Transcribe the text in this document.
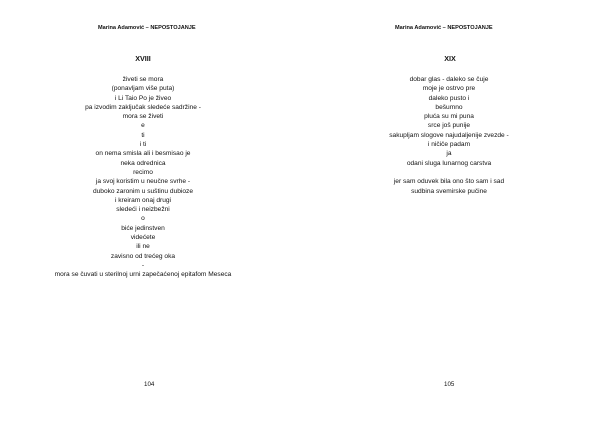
Marina Adamović – NEPOSTOJANJE
XVIII
živeti se mora
(ponavljam više puta)
i Li Taio Po je živeo
pa izvodim zaključak sledeće sadržine -
mora se živeti
e
ti
i ti
on nema smisla ali i besmisao je
neka odrednica
recimo
ja svoj koristim u neučne svrhe -
duboko zaronim u suštinu dubioze
i kreiram onaj drugi
sledeći i neizbežni
o
biće jedinstven
videćete
ili ne
zavisno od trećeg oka
-
mora se čuvati u sterilnoj urni zapečaćenoj epitafom Meseca
104
Marina Adamović – NEPOSTOJANJE
XIX
dobar glas - daleko se čuje
moje je ostrvo pre
daleko pusto i
bešumno
pluća su mi puna
srce još punije
sakupljam slogove najudaljenije zvezde -
i ničiče padam
ja
odani sluga lunarnog carstva
jer sam oduvek bila ono što sam i sad
sudbina svemirske pučine
105
